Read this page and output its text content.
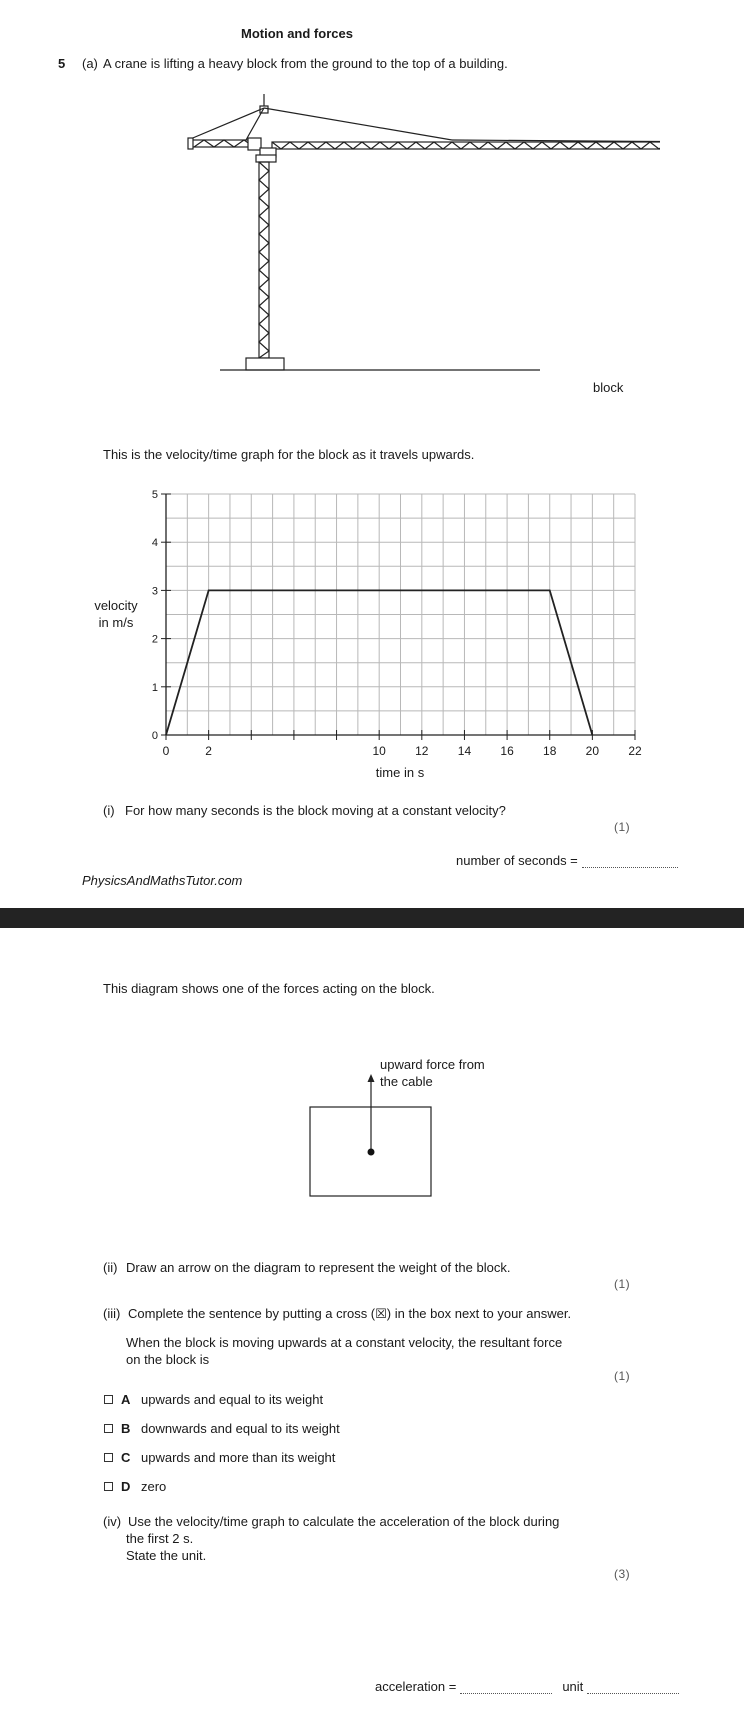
Motion and forces
5 (a) A crane is lifting a heavy block from the ground to the top of a building.
block
This is the velocity/time graph for the block as it travels upwards.
0
1
2
3
4
5
0	2	10 12 14 16 18 20 22
velocity
in m/s
time in s
(i) For how many seconds is the block moving at a constant velocity?
(1)
number of seconds =
PhysicsAndMathsTutor.com
This diagram shows one of the forces acting on the block.
upward force from
the cable
(ii) Draw an arrow on the diagram to represent the weight of the block.
(1)
(iii) Complete the sentence by putting a cross (☒) in the box next to your answer.
When the block is moving upwards at a constant velocity, the resultant force
on the block is
(1)
A upwards and equal to its weight
B downwards and equal to its weight
C upwards and more than its weight
D zero
(iv) Use the velocity/time graph to calculate the acceleration of the block during
the first 2 s.
State the unit.
(3)
acceleration =	unit
